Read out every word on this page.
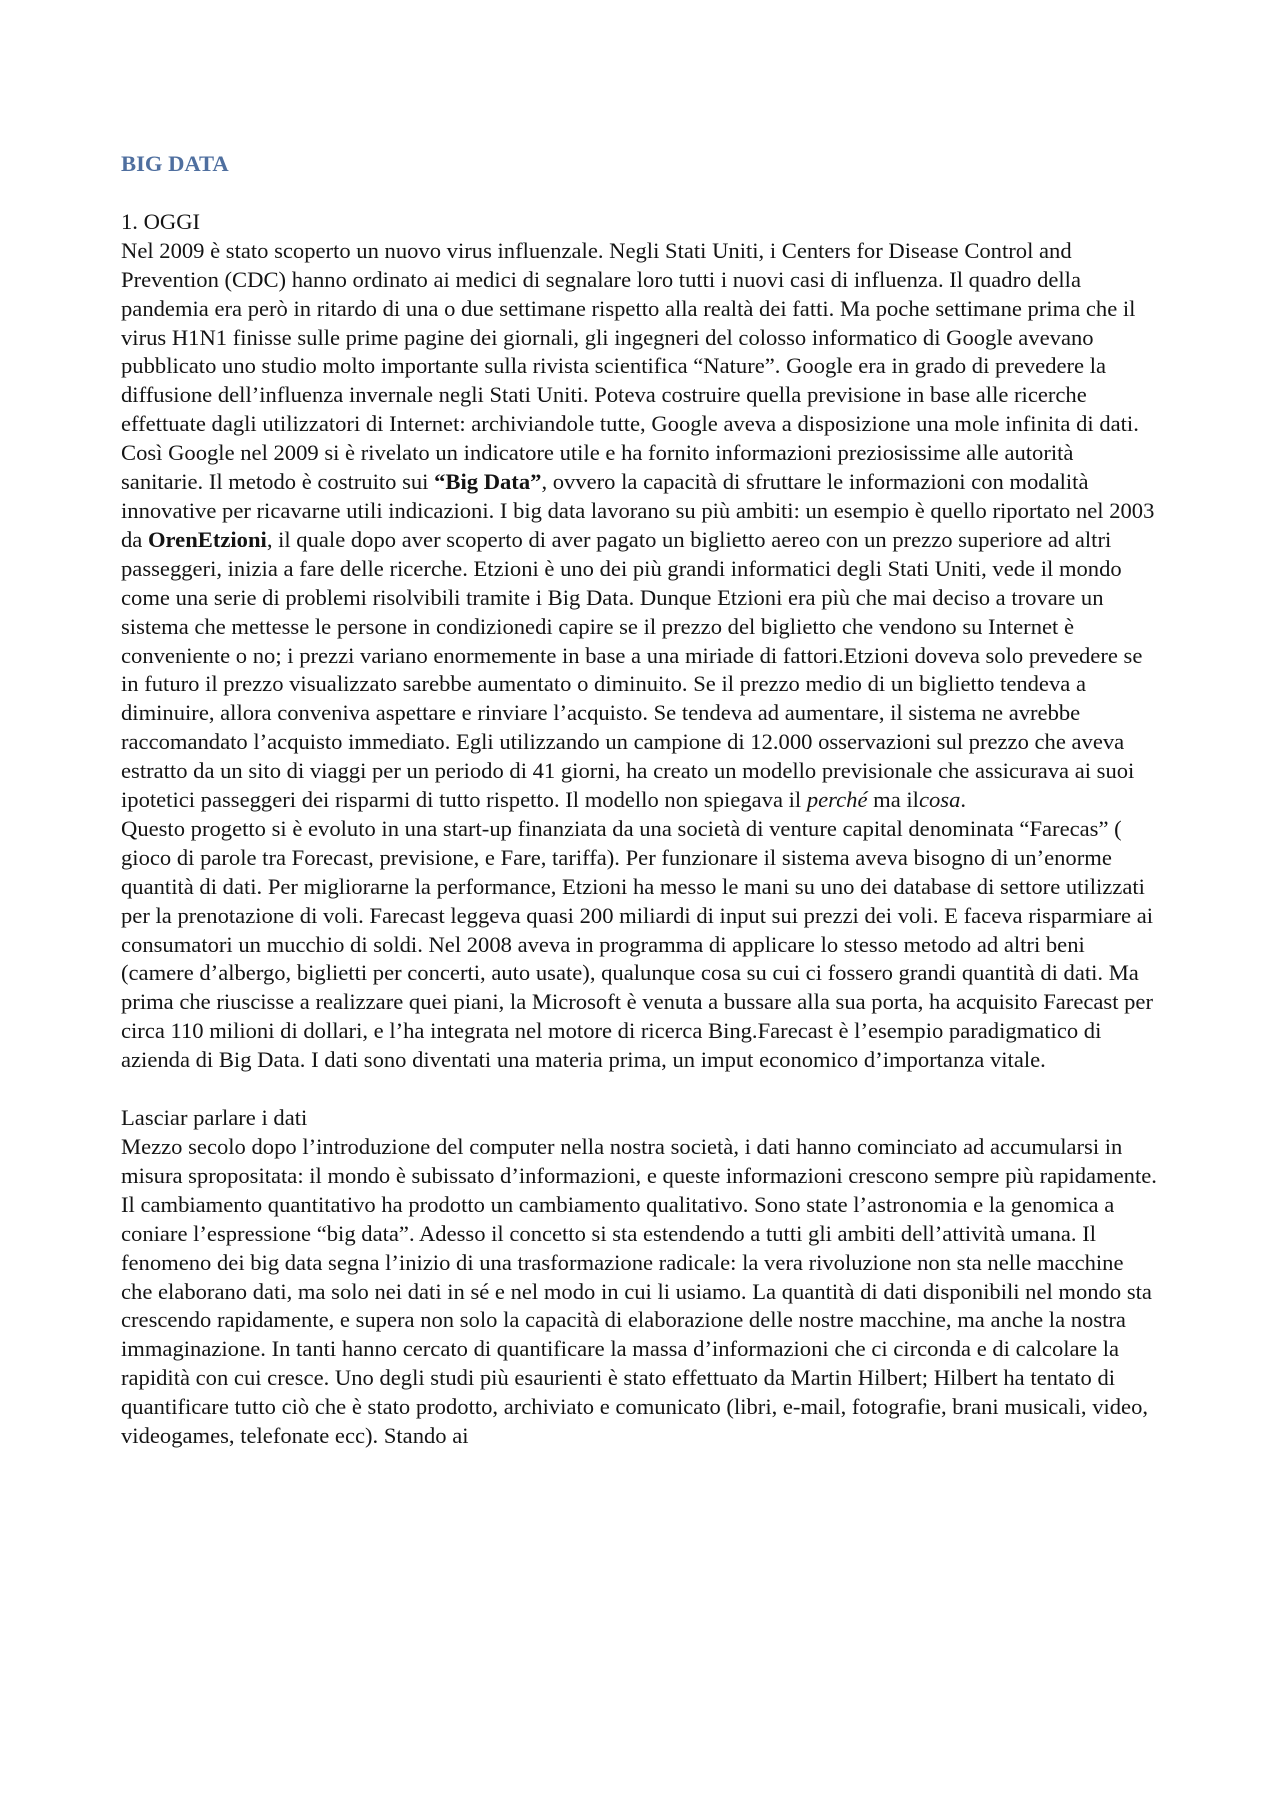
BIG DATA
1. OGGI

Nel 2009 è stato scoperto un nuovo virus influenzale. Negli Stati Uniti, i Centers for Disease Control and Prevention (CDC) hanno ordinato ai medici di segnalare loro tutti i nuovi casi di influenza. Il quadro della pandemia era però in ritardo di una o due settimane rispetto alla realtà dei fatti. Ma poche settimane prima che il virus H1N1 finisse sulle prime pagine dei giornali, gli ingegneri del colosso informatico di Google avevano pubblicato uno studio molto importante sulla rivista scientifica “Nature”. Google era in grado di prevedere la diffusione dell’influenza invernale negli Stati Uniti. Poteva costruire quella previsione in base alle ricerche effettuate dagli utilizzatori di Internet: archiviandole tutte, Google aveva a disposizione una mole infinita di dati. Così Google nel 2009 si è rivelato un indicatore utile e ha fornito informazioni preziosissime alle autorità sanitarie. Il metodo è costruito sui “Big Data”, ovvero la capacità di sfruttare le informazioni con modalità innovative per ricavarne utili indicazioni. I big data lavorano su più ambiti: un esempio è quello riportato nel 2003 da OrenEtzioni, il quale dopo aver scoperto di aver pagato un biglietto aereo con un prezzo superiore ad altri passeggeri, inizia a fare delle ricerche. Etzioni è uno dei più grandi informatici degli Stati Uniti, vede il mondo come una serie di problemi risolvibili tramite i Big Data. Dunque Etzioni era più che mai deciso a trovare un sistema che mettesse le persone in condizionedi capire se il prezzo del biglietto che vendono su Internet è conveniente o no; i prezzi variano enormemente in base a una miriade di fattori.Etzioni doveva solo prevedere se in futuro il prezzo visualizzato sarebbe aumentato o diminuito. Se il prezzo medio di un biglietto tendeva a diminuire, allora conveniva aspettare e rinviare l’acquisto. Se tendeva ad aumentare, il sistema ne avrebbe raccomandato l’acquisto immediato. Egli utilizzando un campione di 12.000 osservazioni sul prezzo che aveva estratto da un sito di viaggi per un periodo di 41 giorni, ha creato un modello previsionale che assicurava ai suoi ipotetici passeggeri dei risparmi di tutto rispetto. Il modello non spiegava il perché ma ilcosa.

Questo progetto si è evoluto in una start-up finanziata da una società di venture capital denominata “Farecas” ( gioco di parole tra Forecast, previsione, e Fare, tariffa). Per funzionare il sistema aveva bisogno di un’enorme quantità di dati. Per migliorarne la performance, Etzioni ha messo le mani su uno dei database di settore utilizzati per la prenotazione di voli. Farecast leggeva quasi 200 miliardi di input sui prezzi dei voli. E faceva risparmiare ai consumatori un mucchio di soldi. Nel 2008 aveva in programma di applicare lo stesso metodo ad altri beni (camere d’albergo, biglietti per concerti, auto usate), qualunque cosa su cui ci fossero grandi quantità di dati. Ma prima che riuscisse a realizzare quei piani, la Microsoft è venuta a bussare alla sua porta, ha acquisito Farecast per circa 110 milioni di dollari, e l’ha integrata nel motore di ricerca Bing.Farecast è l’esempio paradigmatico di azienda di Big Data. I dati sono diventati una materia prima, un imput economico d’importanza vitale.

Lasciar parlare i dati

Mezzo secolo dopo l’introduzione del computer nella nostra società, i dati hanno cominciato ad accumularsi in misura spropositata: il mondo è subissato d’informazioni, e queste informazioni crescono sempre più rapidamente. Il cambiamento quantitativo ha prodotto un cambiamento qualitativo. Sono state l’astronomia e la genomica a coniare l’espressione “big data”. Adesso il concetto si sta estendendo a tutti gli ambiti dell’attività umana. Il fenomeno dei big data segna l’inizio di una trasformazione radicale: la vera rivoluzione non sta nelle macchine che elaborano dati, ma solo nei dati in sé e nel modo in cui li usiamo. La quantità di dati disponibili nel mondo sta crescendo rapidamente, e supera non solo la capacità di elaborazione delle nostre macchine, ma anche la nostra immaginazione. In tanti hanno cercato di quantificare la massa d’informazioni che ci circonda e di calcolare la rapidità con cui cresce. Uno degli studi più esaurienti è stato effettuato da Martin Hilbert; Hilbert ha tentato di quantificare tutto ciò che è stato prodotto, archiviato e comunicato (libri, e-mail, fotografie, brani musicali, video, videogames, telefonate ecc). Stando ai
